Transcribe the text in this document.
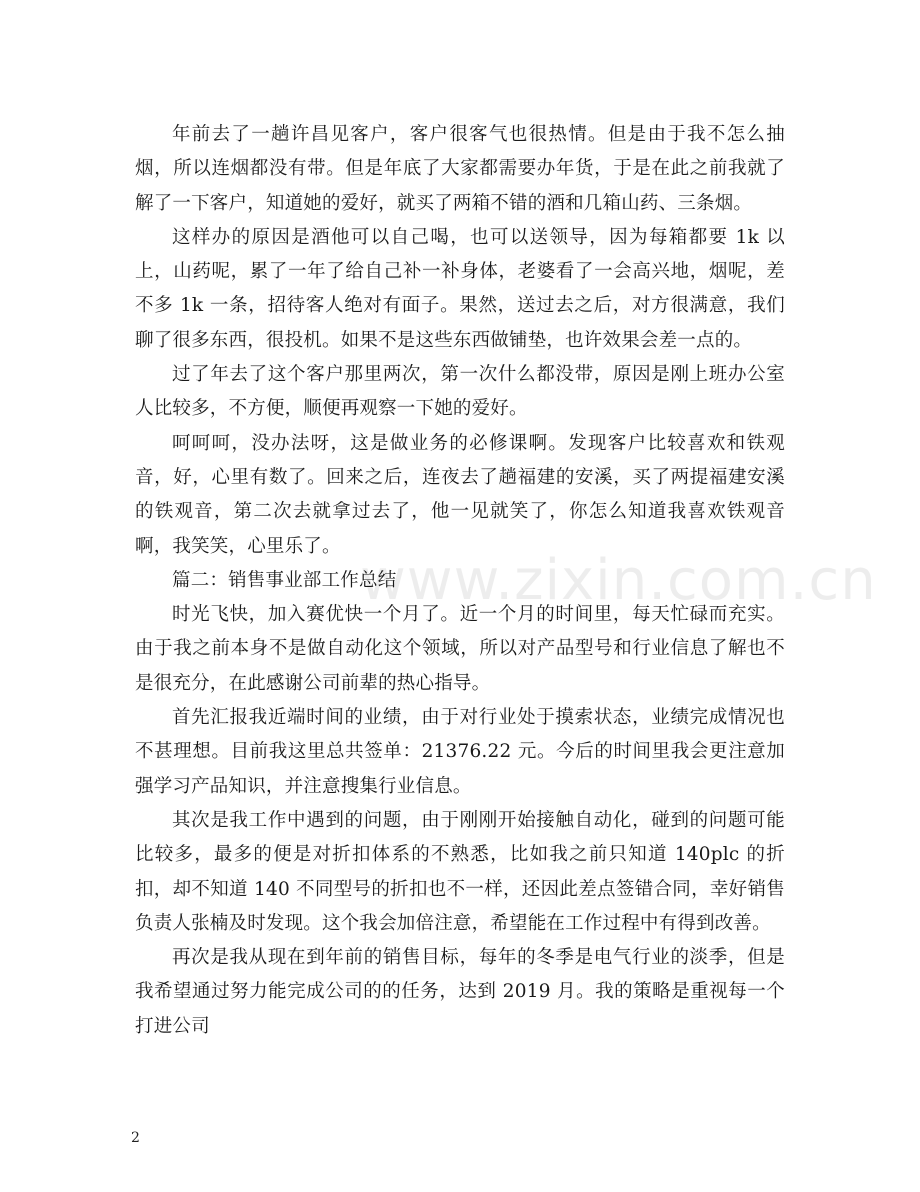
年前去了一趟许昌见客户，客户很客气也很热情。但是由于我不怎么抽烟，所以连烟都没有带。但是年底了大家都需要办年货，于是在此之前我就了解了一下客户，知道她的爱好，就买了两箱不错的酒和几箱山药、三条烟。

这样办的原因是酒他可以自己喝，也可以送领导，因为每箱都要 1k 以上，山药呢，累了一年了给自己补一补身体，老婆看了一会高兴地，烟呢，差不多 1k 一条，招待客人绝对有面子。果然，送过去之后，对方很满意，我们聊了很多东西，很投机。如果不是这些东西做铺垫，也许效果会差一点的。

过了年去了这个客户那里两次，第一次什么都没带，原因是刚上班办公室人比较多，不方便，顺便再观察一下她的爱好。

呵呵呵，没办法呀，这是做业务的必修课啊。发现客户比较喜欢和铁观音，好，心里有数了。回来之后，连夜去了趟福建的安溪，买了两提福建安溪的铁观音，第二次去就拿过去了，他一见就笑了，你怎么知道我喜欢铁观音啊，我笑笑，心里乐了。

篇二：销售事业部工作总结

时光飞快，加入赛优快一个月了。近一个月的时间里，每天忙碌而充实。由于我之前本身不是做自动化这个领域，所以对产品型号和行业信息了解也不是很充分，在此感谢公司前辈的热心指导。

首先汇报我近端时间的业绩，由于对行业处于摸索状态，业绩完成情况也不甚理想。目前我这里总共签单：21376.22 元。今后的时间里我会更注意加强学习产品知识，并注意搜集行业信息。

其次是我工作中遇到的问题，由于刚刚开始接触自动化，碰到的问题可能比较多，最多的便是对折扣体系的不熟悉，比如我之前只知道 140plc 的折扣，却不知道 140 不同型号的折扣也不一样，还因此差点签错合同，幸好销售负责人张楠及时发现。这个我会加倍注意，希望能在工作过程中有得到改善。

再次是我从现在到年前的销售目标，每年的冬季是电气行业的淡季，但是我希望通过努力能完成公司的的任务，达到 2019 月。我的策略是重视每一个打进公司

www.zixin.com.cn
2
